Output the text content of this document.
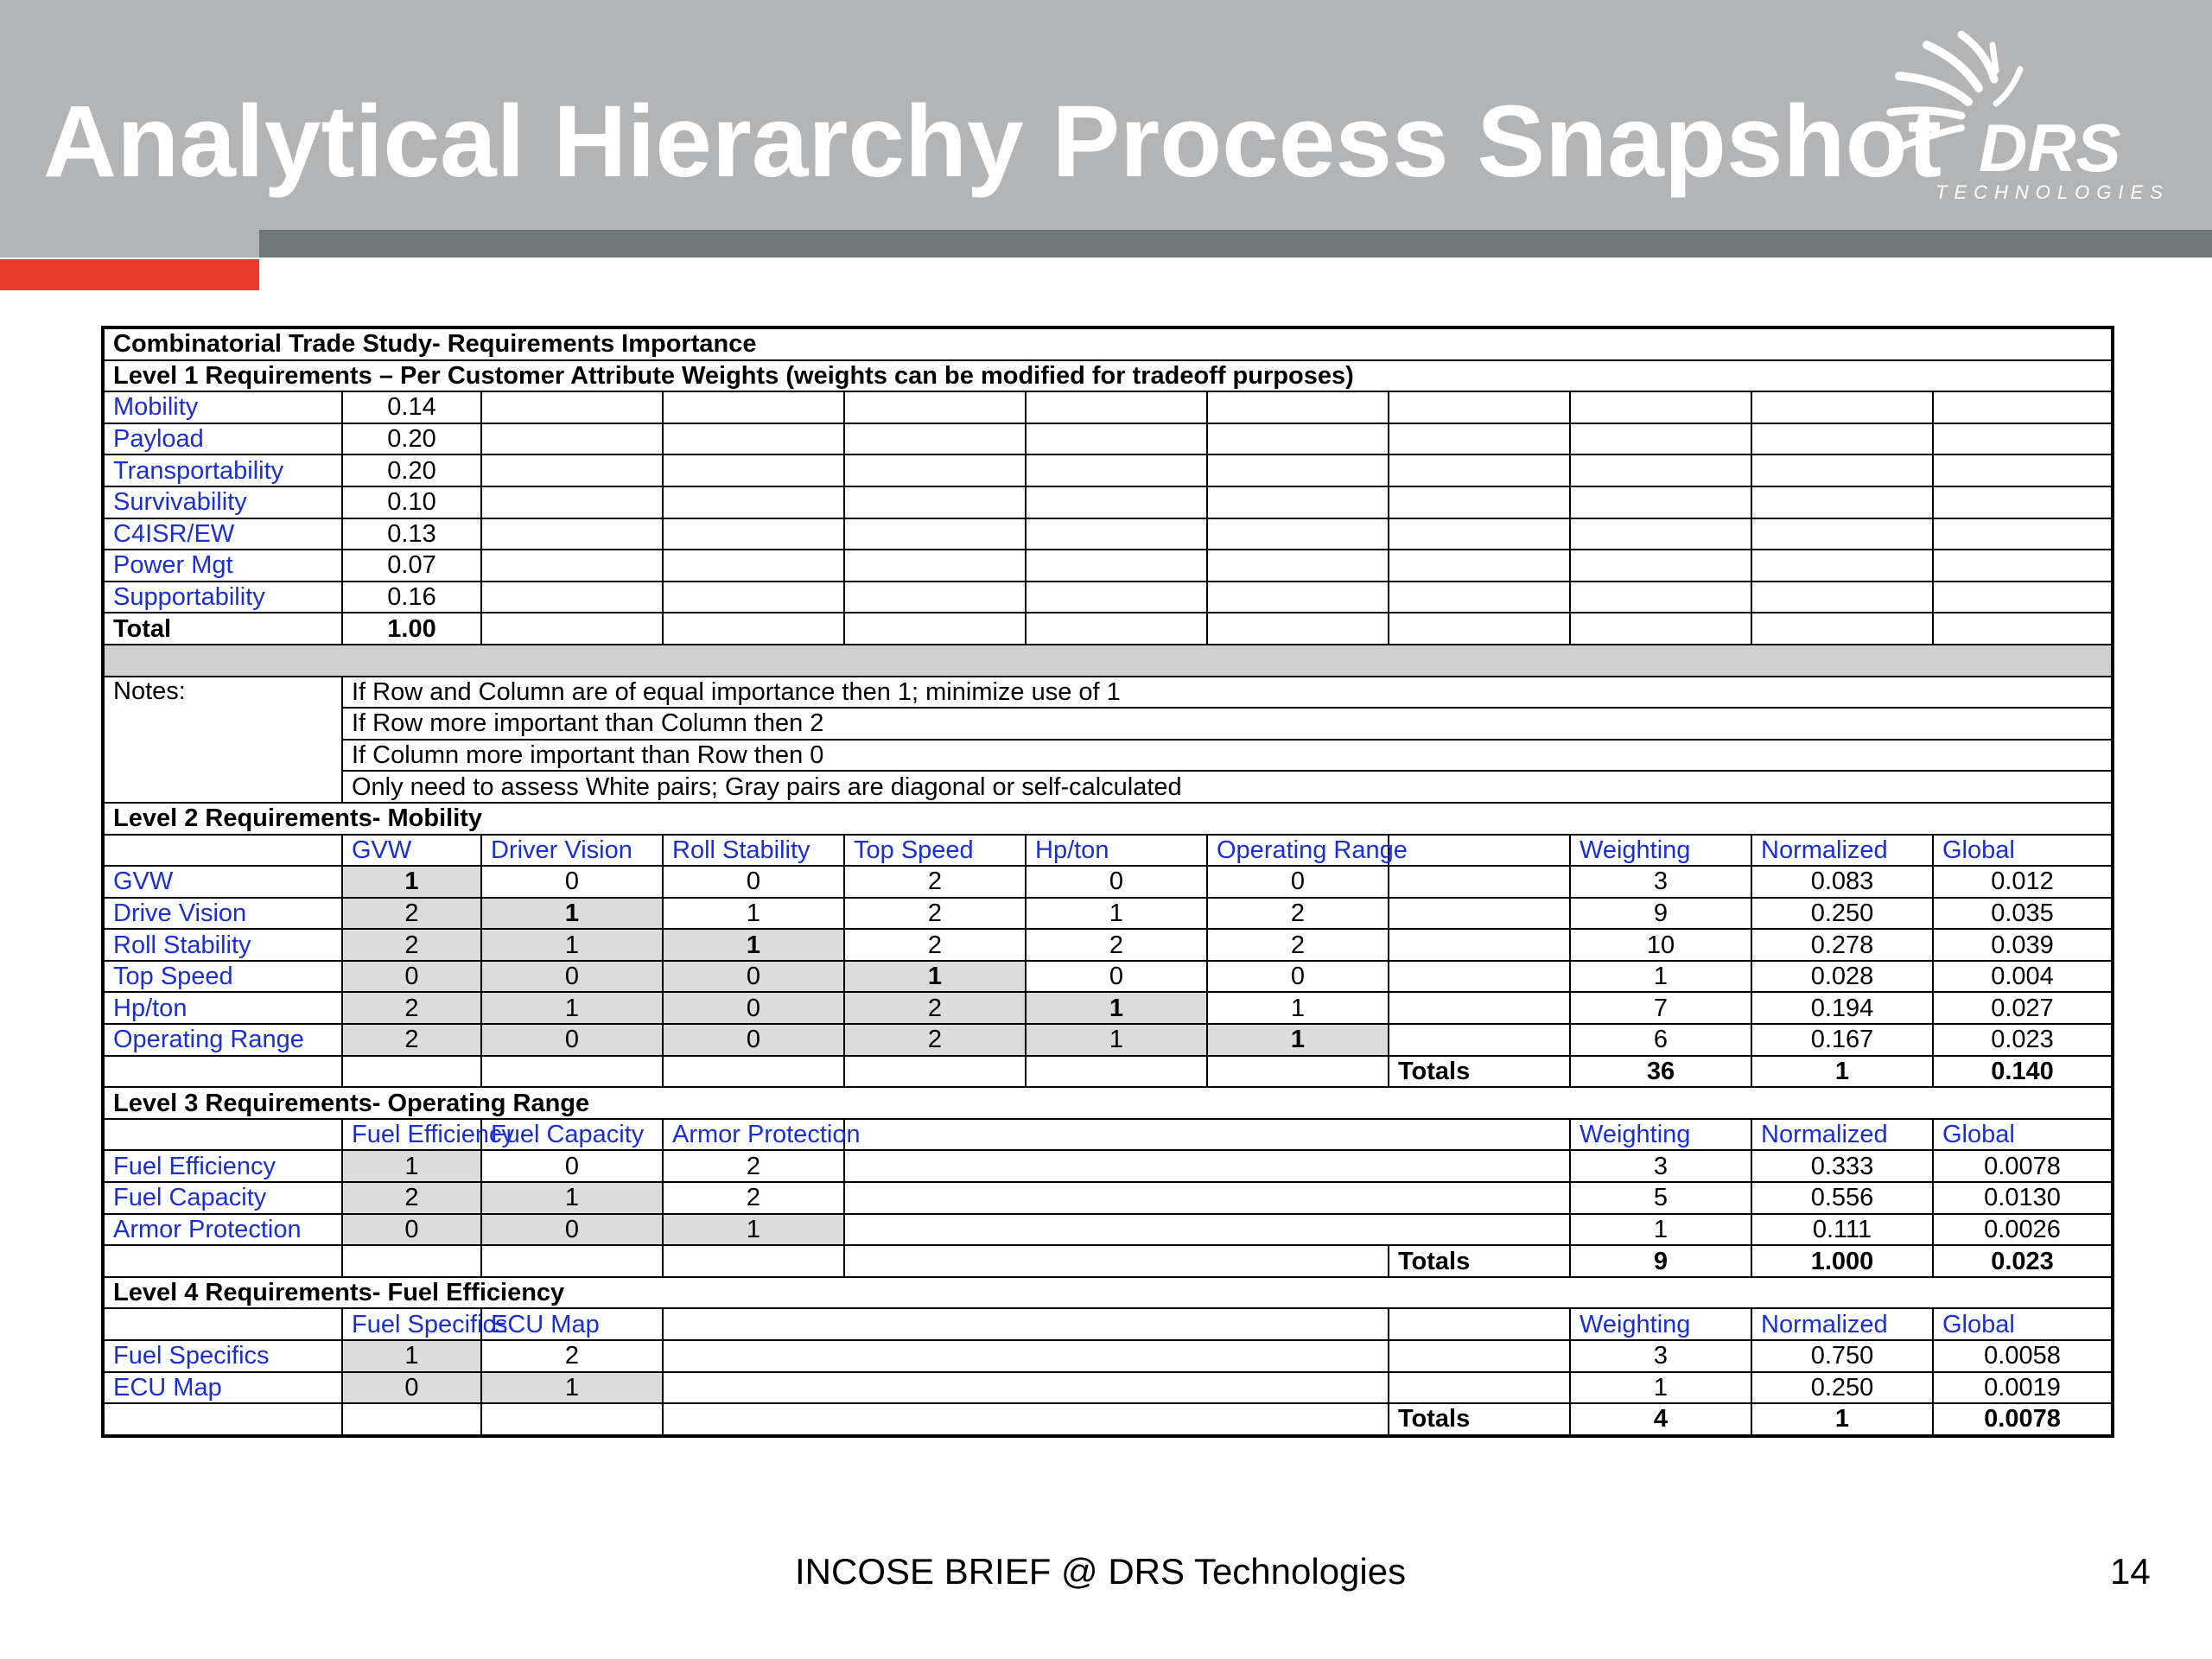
Analytical Hierarchy Process Snapshot DRS
TECHNOLOGIES
Combinatorial Trade Study- Requirements Importance										
Level 1 Requirements – Per Customer Attribute Weights (weights can be modified for tradeoff purposes)										
Mobility	0.14									
Payload	0.20									
Transportability	0.20									
Survivability	0.10									
C4ISR/EW	0.13									
Power Mgt	0.07									
Supportability	0.16									
Total	1.00									

Notes:	If Row and Column are of equal importance then 1; minimize use of 1									
	If Row more important than Column then 2									
	If Column more important than Row then 0									
	Only need to assess White pairs; Gray pairs are diagonal or self-calculated									
Level 2 Requirements- Mobility										
	GVW	Driver Vision	Roll Stability	Top Speed	Hp/ton	Operating Range		Weighting	Normalized	Global
GVW	1	0	0	2	0	0		3	0.083	0.012
Drive Vision	2	1	1	2	1	2		9	0.250	0.035
Roll Stability	2	1	1	2	2	2		10	0.278	0.039
Top Speed	0	0	0	1	0	0		1	0.028	0.004
Hp/ton	2	1	0	2	1	1		7	0.194	0.027
Operating Range	2	0	0	2	1	1		6	0.167	0.023
							Totals	36	1	0.140
Level 3 Requirements- Operating Range										
	Fuel Efficiency	Fuel Capacity	Armor Protection					Weighting	Normalized	Global
Fuel Efficiency	1	0	2					3	0.333	0.0078
Fuel Capacity	2	1	2					5	0.556	0.0130
Armor Protection	0	0	1					1	0.111	0.0026
							Totals	9	1.000	0.023
Level 4 Requirements- Fuel Efficiency										
	Fuel Specifics	ECU Map						Weighting	Normalized	Global
Fuel Specifics	1	2						3	0.750	0.0058
ECU Map	0	1						1	0.250	0.0019
							Totals	4	1	0.0078
INCOSE BRIEF @ DRS Technologies	14
